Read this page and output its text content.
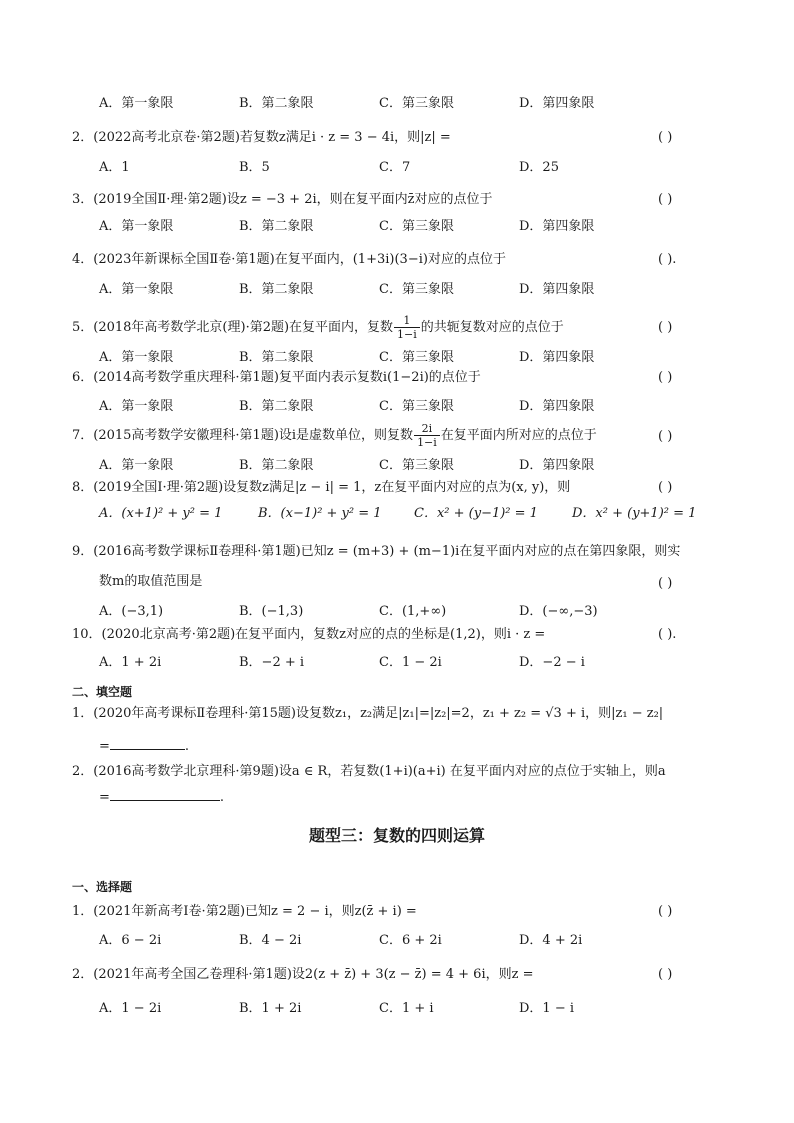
A．第一象限	B．第二象限	C．第三象限	D．第四象限
2．(2022高考北京卷·第2题)若复数z满足i · z = 3 − 4i，则|z| =	( )
A．1	B．5	C．7	D．25
3．(2019全国Ⅱ·理·第2题)设z = −3 + 2i，则在复平面内z̄对应的点位于	( )
A．第一象限	B．第二象限	C．第三象限	D．第四象限
4．(2023年新课标全国Ⅱ卷·第1题)在复平面内，(1+3i)(3−i)对应的点位于	( ).
A．第一象限	B．第二象限	C．第三象限	D．第四象限
5．(2018年高考数学北京(理)·第2题)在复平面内，复数 $\frac{1}{1-i}$ 的共轭复数对应的点位于	( )
A．第一象限	B．第二象限	C．第三象限	D．第四象限
6．(2014高考数学重庆理科·第1题)复平面内表示复数i(1−2i)的点位于	( )
A．第一象限	B．第二象限	C．第三象限	D．第四象限
7．(2015高考数学安徽理科·第1题)设i是虚数单位，则复数 $\frac{2i}{1-i}$ 在复平面内所对应的点位于	( )
A．第一象限	B．第二象限	C．第三象限	D．第四象限
8．(2019全国Ⅰ·理·第2题)设复数z满足|z − i| = 1，z在复平面内对应的点为(x, y)，则	( )
A．(x+1)² + y² = 1	B．(x−1)² + y² = 1 C．x² + (y−1)² = 1	D．x² + (y+1)² = 1
9．(2016高考数学课标Ⅱ卷理科·第1题)已知z = (m+3) + (m−1)i在复平面内对应的点在第四象限，则实
数m的取值范围是	( )
A．(−3,1)	B．(−1,3)	C．(1,+∞)	D．(−∞,−3)
10．(2020北京高考·第2题)在复平面内，复数z对应的点的坐标是(1,2)，则i · z =	( ).
A．1 + 2i	B．−2 + i	C．1 − 2i	D．−2 − i
二、填空题
1．(2020年高考课标Ⅱ卷理科·第15题)设复数z₁，z₂满足|z₁|=|z₂|=2，z₁ + z₂ = √3 + i，则|z₁ − z₂|
=	.
2．(2016高考数学北京理科·第9题)设a ∈ R，若复数(1+i)(a+i) 在复平面内对应的点位于实轴上，则a
=	.
题型三：复数的四则运算
一、选择题
1．(2021年新高考Ⅰ卷·第2题)已知z = 2 − i，则z(z̄ + i) =	( )
A．6 − 2i	B．4 − 2i	C．6 + 2i	D．4 + 2i
2．(2021年高考全国乙卷理科·第1题)设2(z + z̄) + 3(z − z̄) = 4 + 6i，则z =	( )
A．1 − 2i	B．1 + 2i	C．1 + i	D．1 − i
